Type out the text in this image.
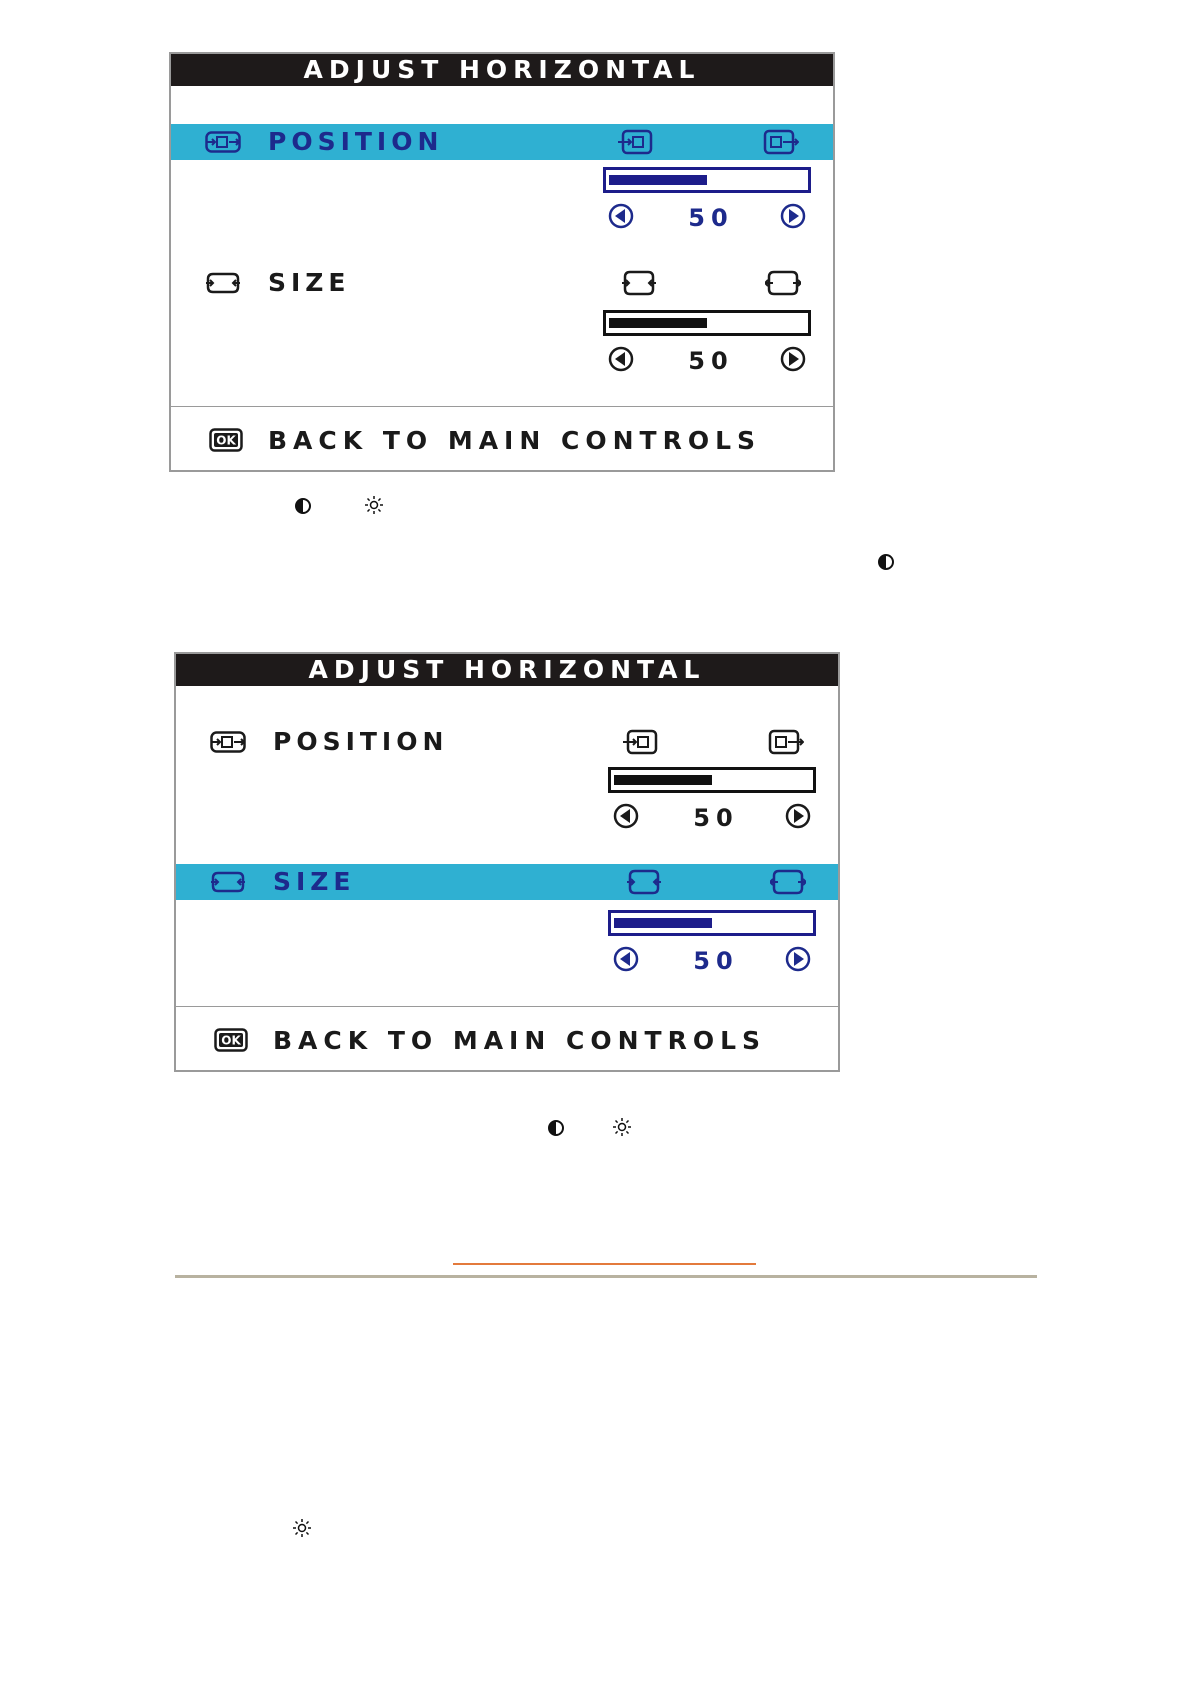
ADJUST HORIZONTAL
POSITION
50
SIZE
50
BACK TO MAIN CONTROLS
ADJUST HORIZONTAL
POSITION
50
SIZE
50
BACK TO MAIN CONTROLS
